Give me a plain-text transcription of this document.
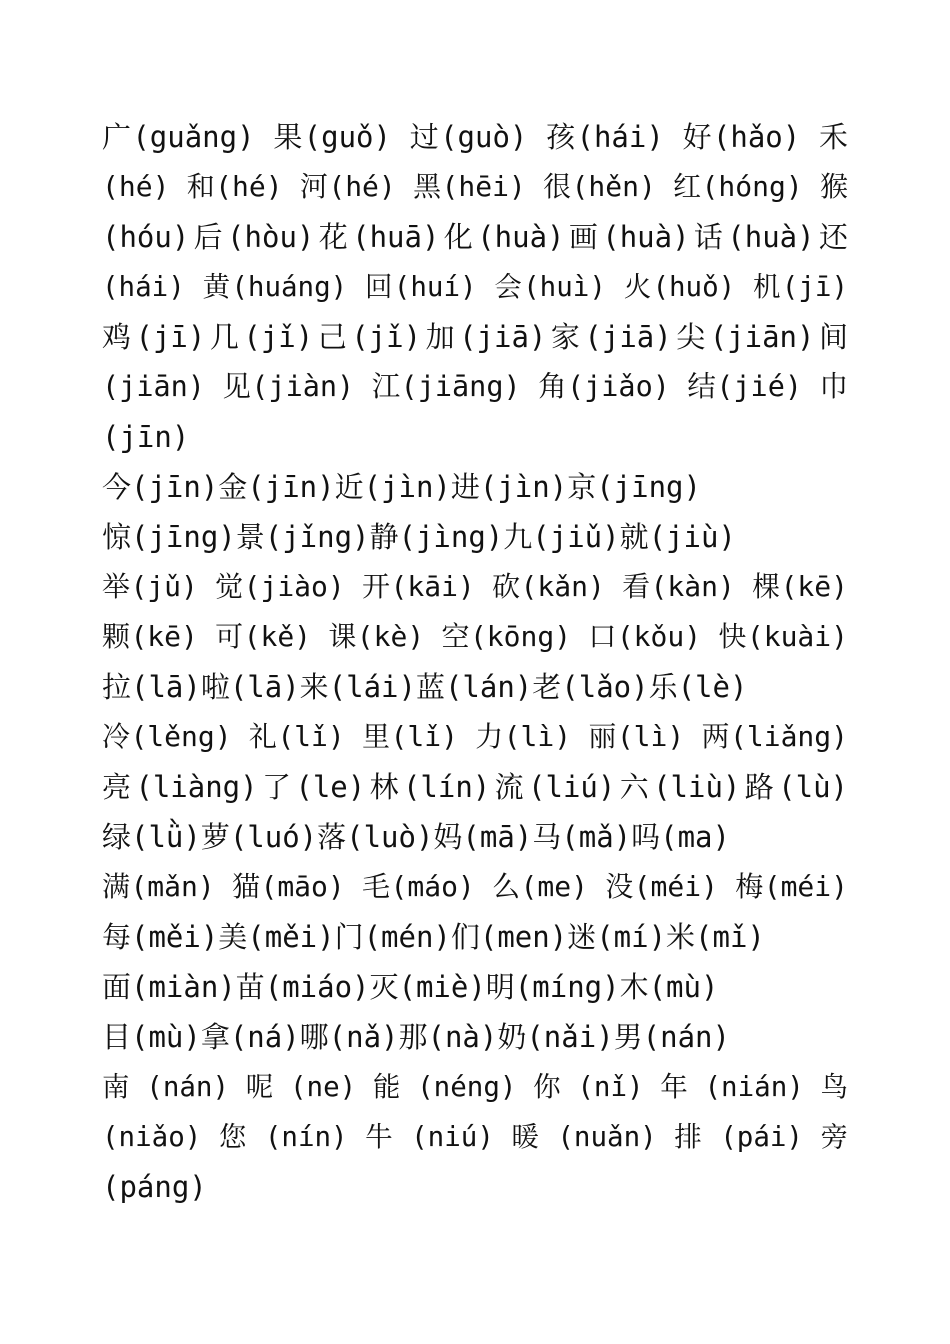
广(guǎng) 果(guǒ) 过(guò) 孩(hái) 好(hǎo) 禾
(hé) 和(hé) 河(hé) 黑(hēi) 很(hěn) 红(hóng) 猴
(hóu)后(hòu)花(huā)化(huà)画(huà)话(huà)还
(hái) 黄(huáng) 回(huí) 会(huì) 火(huǒ) 机(jī)
鸡(jī)几(jǐ)己(jǐ)加(jiā)家(jiā)尖(jiān)间
(jiān) 见(jiàn) 江(jiāng) 角(jiǎo) 结(jié) 巾
(jīn)
今(jīn)金(jīn)近(jìn)进(jìn)京(jīng)
惊(jīng)景(jǐng)静(jìng)九(jiǔ)就(jiù)
举(jǔ) 觉(jiào) 开(kāi) 砍(kǎn) 看(kàn) 棵(kē)
颗(kē) 可(kě) 课(kè) 空(kōng) 口(kǒu) 快(kuài)
拉(lā)啦(lā)来(lái)蓝(lán)老(lǎo)乐(lè)
冷(lěng) 礼(lǐ) 里(lǐ) 力(lì) 丽(lì) 两(liǎng)
亮(liàng)了(le)林(lín)流(liú)六(liù)路(lù)
绿(lǜ)萝(luó)落(luò)妈(mā)马(mǎ)吗(ma)
满(mǎn) 猫(māo) 毛(máo) 么(me) 没(méi) 梅(méi)
每(měi)美(měi)门(mén)们(men)迷(mí)米(mǐ)
面(miàn)苗(miáo)灭(miè)明(míng)木(mù)
目(mù)拿(ná)哪(nǎ)那(nà)奶(nǎi)男(nán)
南 (nán) 呢 (ne) 能 (néng) 你 (nǐ) 年 (nián) 鸟
(niǎo) 您 (nín) 牛 (niú) 暖 (nuǎn) 排 (pái) 旁
(páng)
